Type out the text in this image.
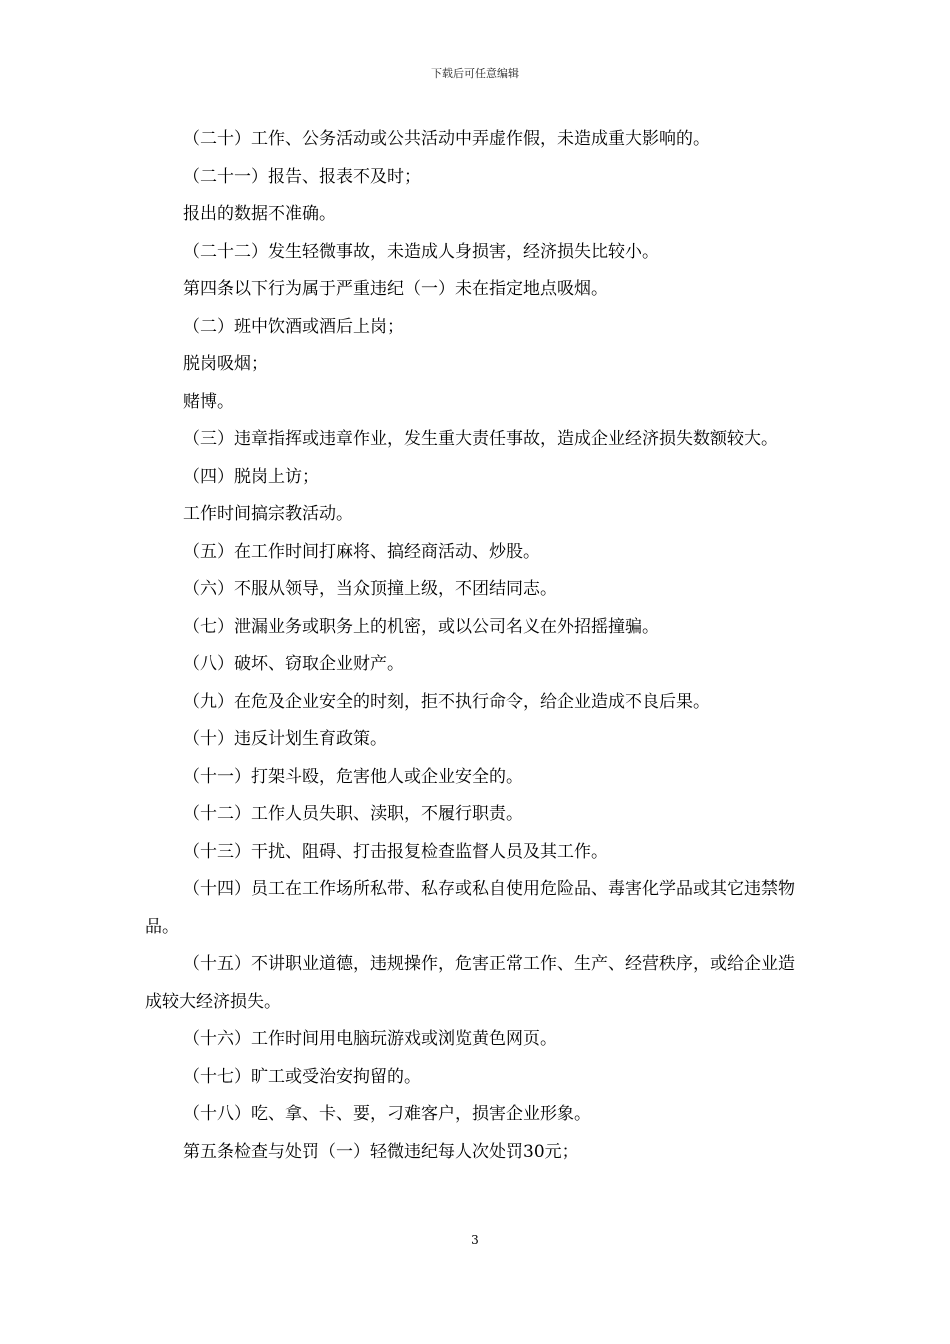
下载后可任意编辑

（二十）工作、公务活动或公共活动中弄虚作假，未造成重大影响的。

（二十一）报告、报表不及时；

报出的数据不准确。

（二十二）发生轻微事故，未造成人身损害，经济损失比较小。

第四条以下行为属于严重违纪（一）未在指定地点吸烟。

（二）班中饮酒或酒后上岗；

脱岗吸烟；

赌博。

（三）违章指挥或违章作业，发生重大责任事故，造成企业经济损失数额较大。

（四）脱岗上访；

工作时间搞宗教活动。

（五）在工作时间打麻将、搞经商活动、炒股。

（六）不服从领导，当众顶撞上级，不团结同志。

（七）泄漏业务或职务上的机密，或以公司名义在外招摇撞骗。

（八）破坏、窃取企业财产。

（九）在危及企业安全的时刻，拒不执行命令，给企业造成不良后果。

（十）违反计划生育政策。

（十一）打架斗殴，危害他人或企业安全的。

（十二）工作人员失职、渎职，不履行职责。

（十三）干扰、阻碍、打击报复检查监督人员及其工作。

（十四）员工在工作场所私带、私存或私自使用危险品、毒害化学品或其它违禁物品。

（十五）不讲职业道德，违规操作，危害正常工作、生产、经营秩序，或给企业造成较大经济损失。

（十六）工作时间用电脑玩游戏或浏览黄色网页。

（十七）旷工或受治安拘留的。

（十八）吃、拿、卡、要，刁难客户，损害企业形象。

第五条检查与处罚（一）轻微违纪每人次处罚30元；

3
